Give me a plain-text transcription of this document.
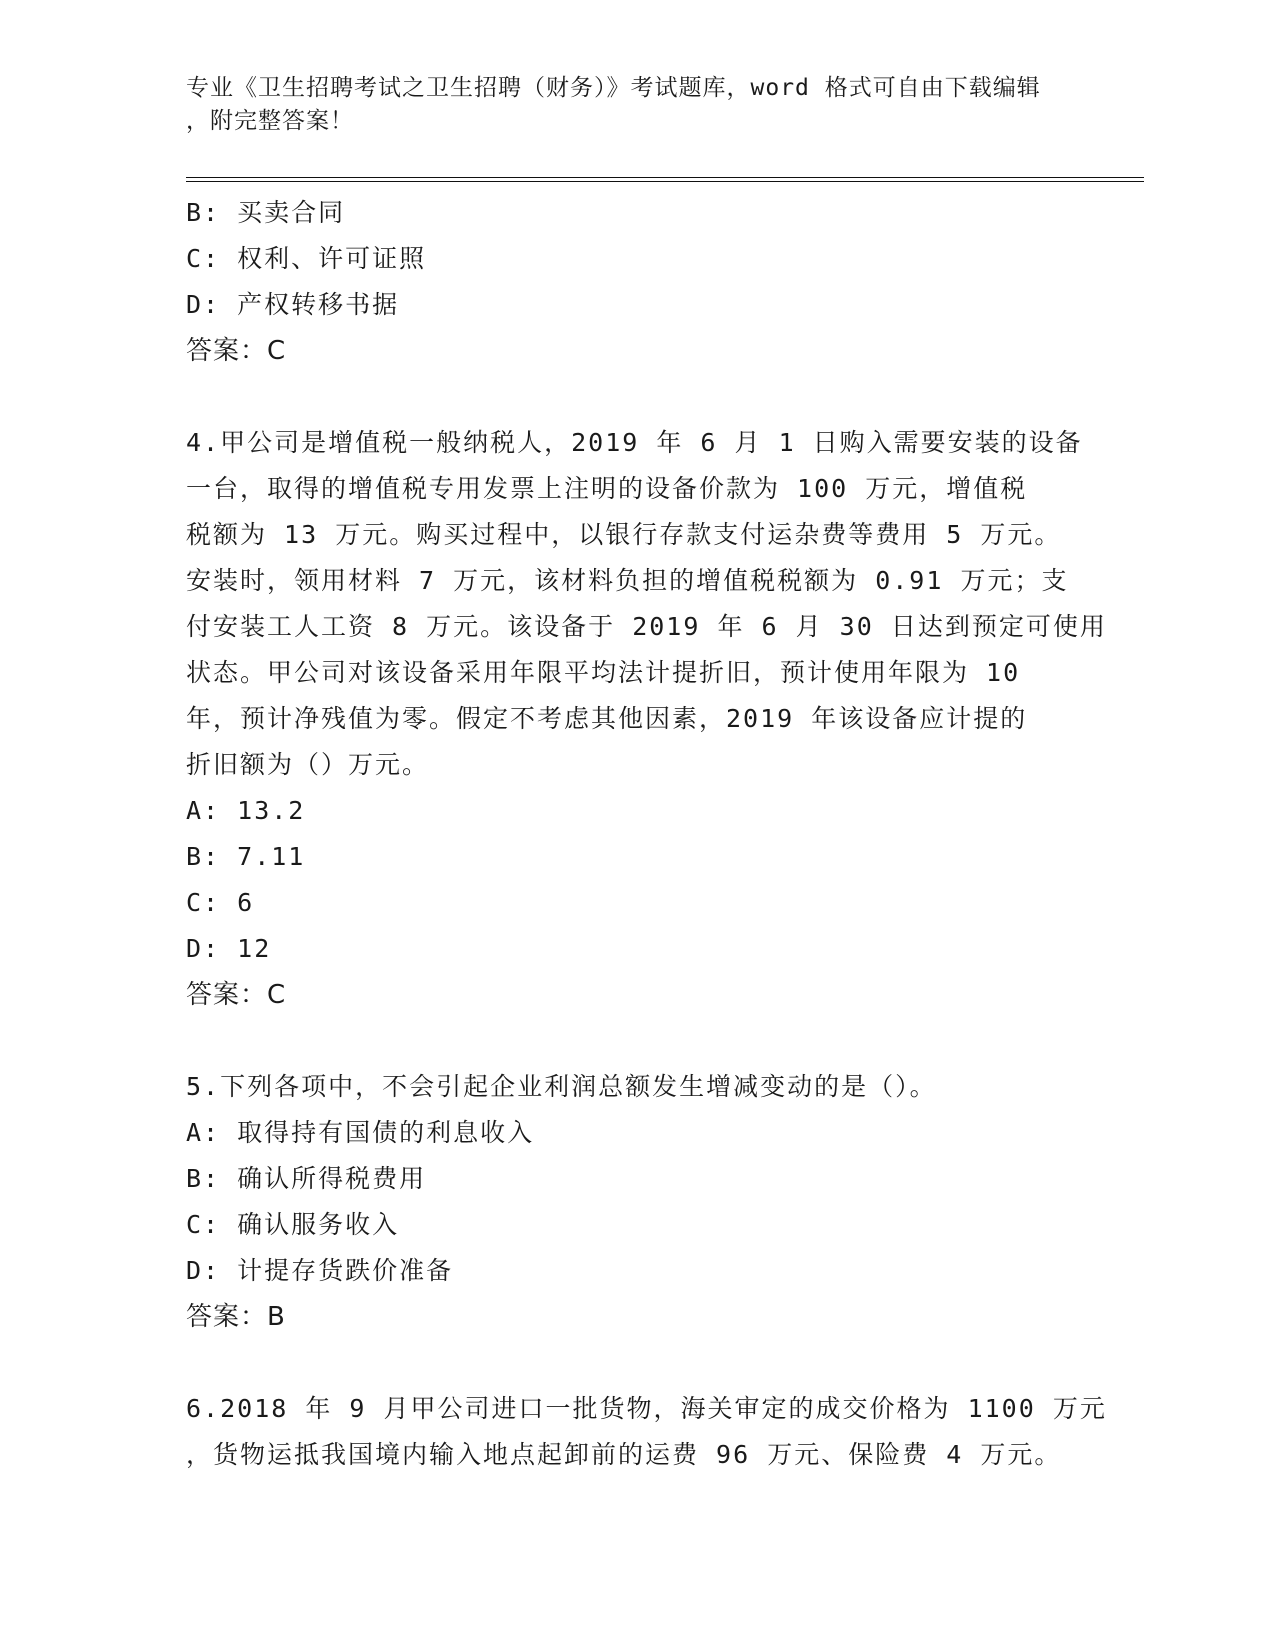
专业《卫生招聘考试之卫生招聘（财务）》考试题库，word 格式可自由下载编辑
，附完整答案！
B: 买卖合同
C: 权利、许可证照
D: 产权转移书据
答案：C
4.甲公司是增值税一般纳税人，2019 年 6 月 1 日购入需要安装的设备
一台，取得的增值税专用发票上注明的设备价款为 100 万元，增值税
税额为 13 万元。购买过程中，以银行存款支付运杂费等费用 5 万元。
安装时，领用材料 7 万元，该材料负担的增值税税额为 0.91 万元；支
付安装工人工资 8 万元。该设备于 2019 年 6 月 30 日达到预定可使用
状态。甲公司对该设备采用年限平均法计提折旧，预计使用年限为 10
年，预计净残值为零。假定不考虑其他因素，2019 年该设备应计提的
折旧额为（）万元。
A: 13.2
B: 7.11
C: 6
D: 12
答案：C
5.下列各项中，不会引起企业利润总额发生增减变动的是（）。
A: 取得持有国债的利息收入
B: 确认所得税费用
C: 确认服务收入
D: 计提存货跌价准备
答案：B
6.2018 年 9 月甲公司进口一批货物，海关审定的成交价格为 1100 万元
，货物运抵我国境内输入地点起卸前的运费 96 万元、保险费 4 万元。
